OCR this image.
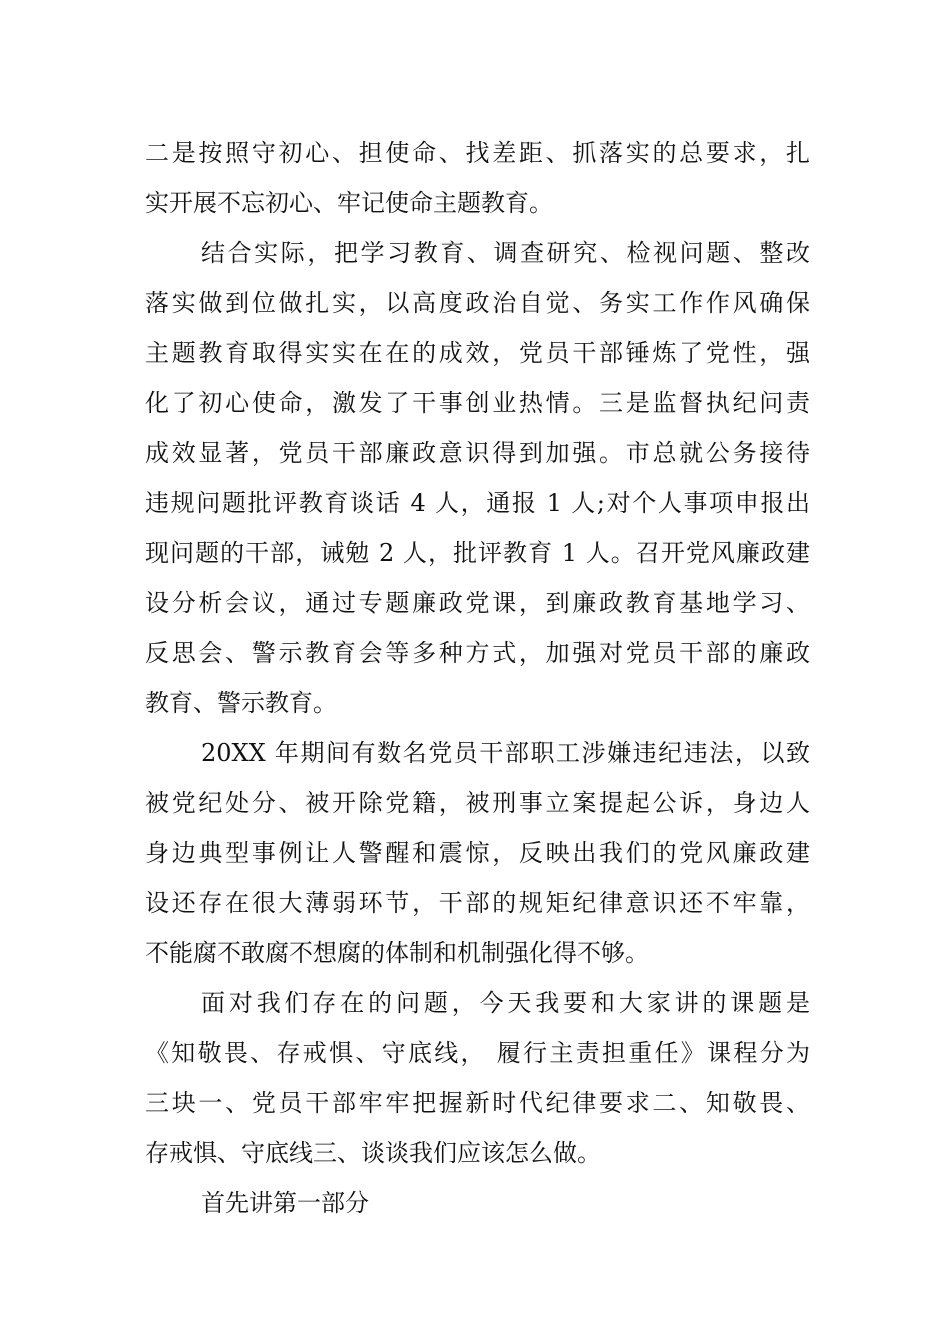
二是按照守初心、担使命、找差距、抓落实的总要求，扎
实开展不忘初心、牢记使命主题教育。
结合实际，把学习教育、调查研究、检视问题、整改
落实做到位做扎实，以高度政治自觉、务实工作作风确保
主题教育取得实实在在的成效，党员干部锤炼了党性，强
化了初心使命，激发了干事创业热情。三是监督执纪问责
成效显著，党员干部廉政意识得到加强。市总就公务接待
违规问题批评教育谈话 4 人，通报 1 人;对个人事项申报出
现问题的干部，诫勉 2 人，批评教育 1 人。召开党风廉政建
设分析会议，通过专题廉政党课，到廉政教育基地学习、
反思会、警示教育会等多种方式，加强对党员干部的廉政
教育、警示教育。
20XX 年期间有数名党员干部职工涉嫌违纪违法，以致
被党纪处分、被开除党籍，被刑事立案提起公诉，身边人
身边典型事例让人警醒和震惊，反映出我们的党风廉政建
设还存在很大薄弱环节，干部的规矩纪律意识还不牢靠，
不能腐不敢腐不想腐的体制和机制强化得不够。
面对我们存在的问题，今天我要和大家讲的课题是
《知敬畏、存戒惧、守底线， 履行主责担重任》课程分为
三块一、党员干部牢牢把握新时代纪律要求二、知敬畏、
存戒惧、守底线三、谈谈我们应该怎么做。
首先讲第一部分
